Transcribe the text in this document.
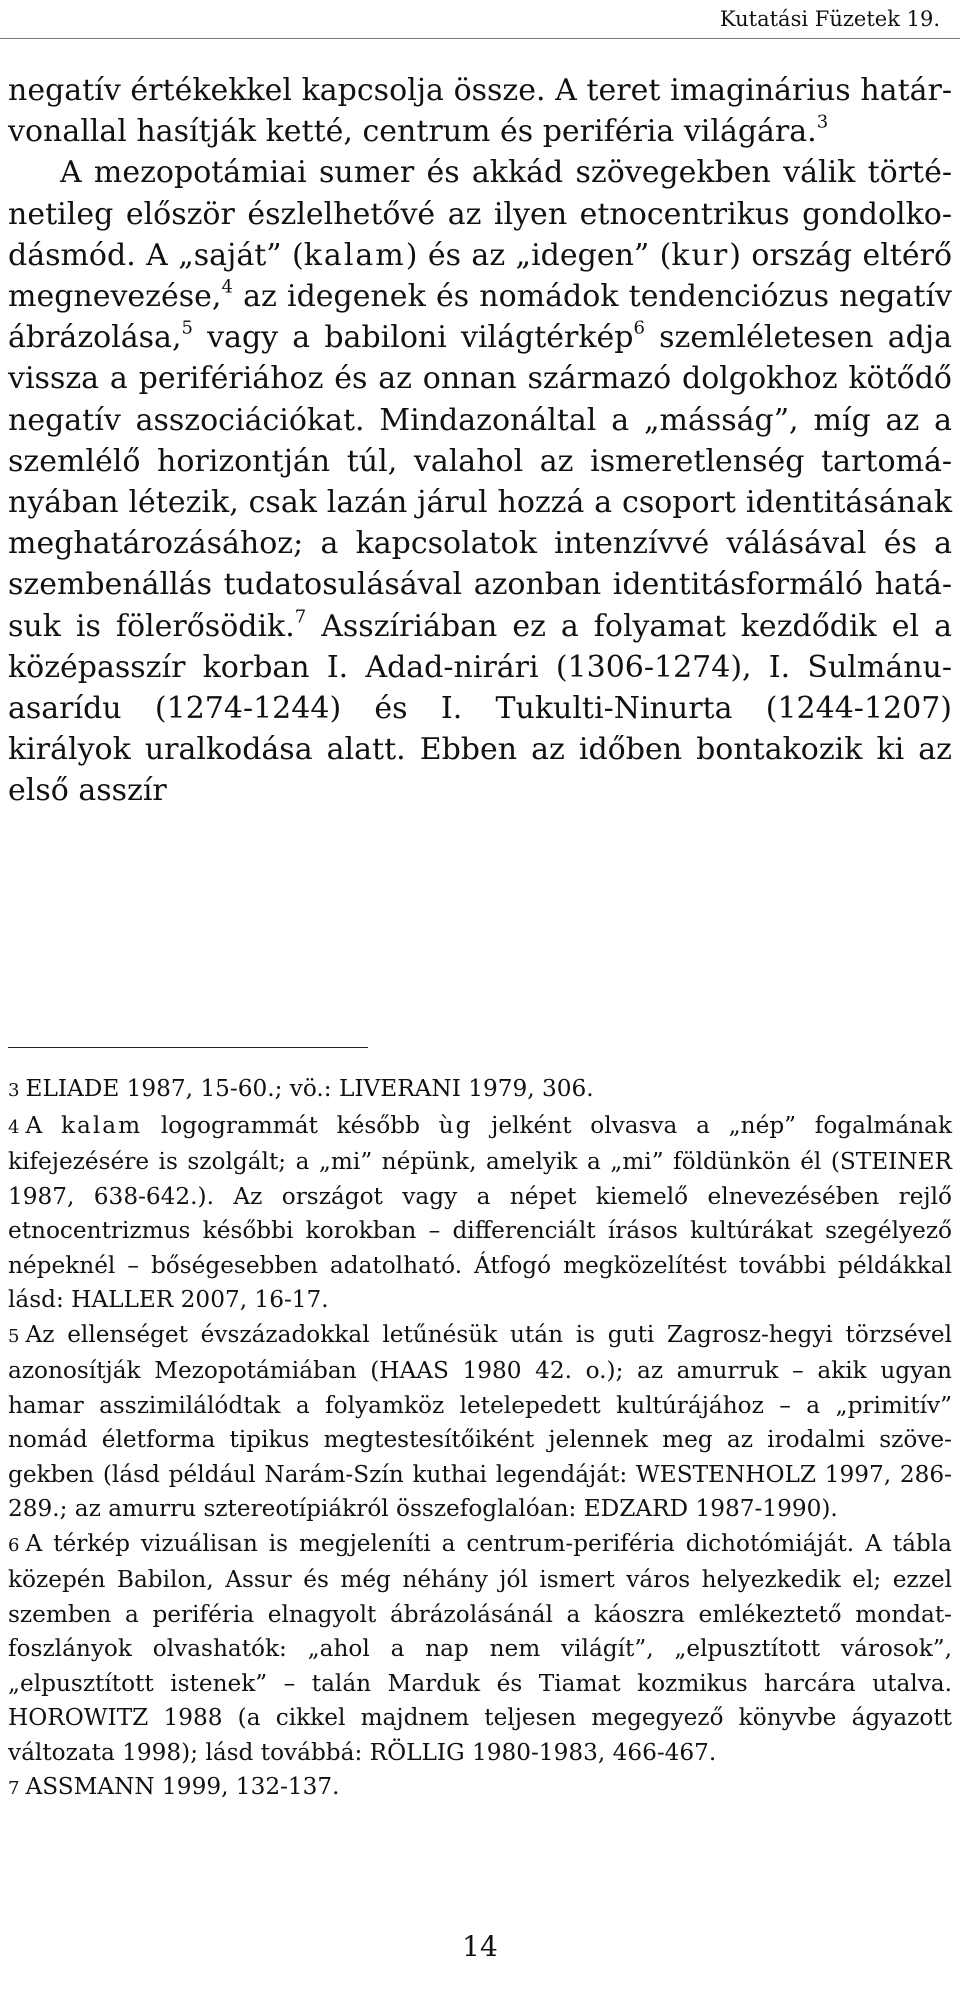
Kutatási Füzetek 19.

negatív értékekkel kapcsolja össze. A teret imaginárius határvonallal hasítják ketté, centrum és periféria világára.$^3$

A mezopotámiai sumer és akkád szövegekben válik történetileg először észlelhetővé az ilyen etnocentrikus gondolkodásmód. A „saját” (kalam) és az „idegen” (kur) ország eltérő megnevezése,$^4$ az idegenek és nomádok tendenciózus negatív ábrázolása,$^5$ vagy a babiloni világtérkép$^6$ szemléletesen adja vissza a perifériához és az onnan származó dolgokhoz kötődő negatív asszociációkat. Mindazonáltal a „másság”, míg az a szemlélő horizontján túl, valahol az ismeretlenség tartományában létezik, csak lazán járul hozzá a csoport identitásának meghatározásához; a kapcsolatok intenzívvé válásával és a szembenállás tudatosulásával azonban identitásformáló hatásuk is fölerősödik.$^7$ Asszíriában ez a folyamat kezdődik el a középasszír korban I. Adad-nirári (1306-1274), I. Sulmánuasarídu (1274-1244) és I. Tukulti-Ninurta (1244-1207) királyok uralkodása alatt. Ebben az időben bontakozik ki az első asszír

3 ELIADE 1987, 15-60.; vö.: LIVERANI 1979, 306.

4 A kalam logogrammát később ùg jelként olvasva a „nép” fogalmának kifejezésére is szolgált; a „mi” népünk, amelyik a „mi” földünkön él (STEINER 1987, 638-642.). Az országot vagy a népet kiemelő elnevezésében rejlő etnocentrizmus későbbi korokban – differenciált írásos kultúrákat szegélyező népeknél – bőségesebben adatolható. Átfogó megközelítést további példákkal lásd: HALLER 2007, 16-17.

5 Az ellenséget évszázadokkal letűnésük után is guti Zagrosz-hegyi törzsével azonosítják Mezopotámiában (HAAS 1980 42. o.); az amurruk – akik ugyan hamar asszimilálódtak a folyamköz letelepedett kultúrájához – a „primitív” nomád életforma tipikus megtestesítőiként jelennek meg az irodalmi szövegekben (lásd például Narám-Szín kuthai legendáját: WESTENHOLZ 1997, 286-289.; az amurru sztereotípiákról összefoglalóan: EDZARD 1987-1990).

6 A térkép vizuálisan is megjeleníti a centrum-periféria dichotómiáját. A tábla közepén Babilon, Assur és még néhány jól ismert város helyezkedik el; ezzel szemben a periféria elnagyolt ábrázolásánál a káoszra emlékeztető mondatfoszlányok olvashatók: „ahol a nap nem világít”, „elpusztított városok”, „elpusztított istenek” – talán Marduk és Tiamat kozmikus harcára utalva. HOROWITZ 1988 (a cikkel majdnem teljesen megegyező könyvbe ágyazott változata 1998); lásd továbbá: RÖLLIG 1980-1983, 466-467.

7 ASSMANN 1999, 132-137.

14
